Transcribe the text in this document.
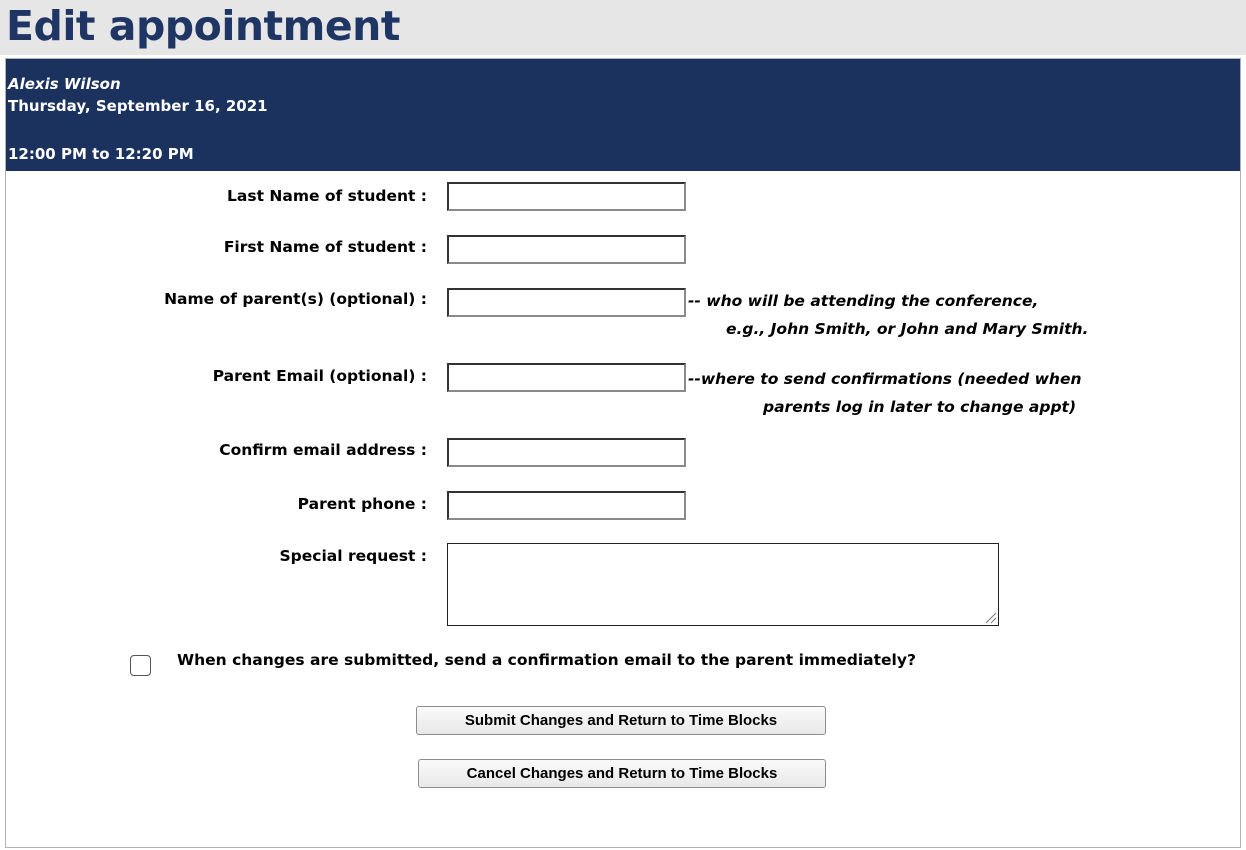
Edit appointment
Alexis Wilson
Thursday, September 16, 2021
12:00 PM to 12:20 PM
Last Name of student :
First Name of student :
Name of parent(s) (optional) :	-- who will be attending the conference,
e.g., John Smith, or John and Mary Smith.
Parent Email (optional) :	--where to send confirmations (needed when
parents log in later to change appt)
Confirm email address :
Parent phone :
Special request :
When changes are submitted, send a confirmation email to the parent immediately?
Submit Changes and Return to Time Blocks
Cancel Changes and Return to Time Blocks
